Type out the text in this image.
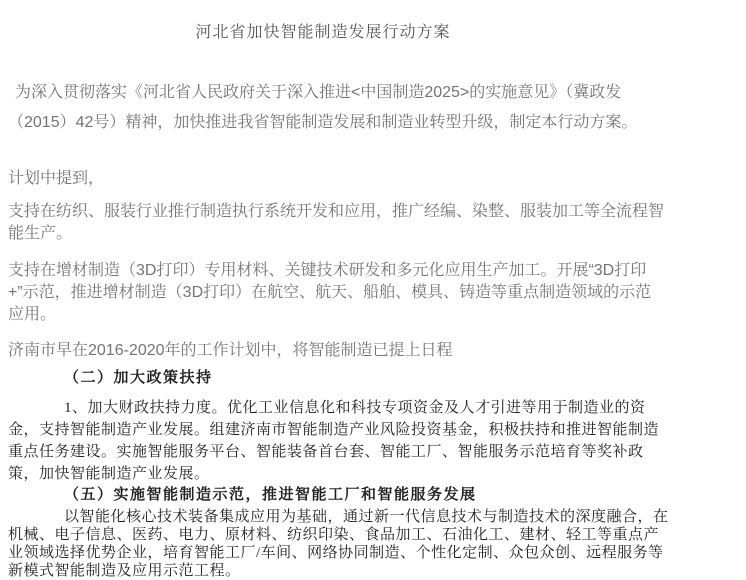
河北省加快智能制造发展行动方案

为深入贯彻落实《河北省人民政府关于深入推进<中国制造2025>的实施意见》（冀政发（2015）42号）精神，加快推进我省智能制造发展和制造业转型升级，制定本行动方案。

计划中提到，

支持在纺织、服装行业推行制造执行系统开发和应用，推广经编、染整、服装加工等全流程智能生产。

支持在增材制造（3D打印）专用材料、关键技术研发和多元化应用生产加工。开展“3D打印+”示范，推进增材制造（3D打印）在航空、航天、船舶、模具、铸造等重点制造领域的示范应用。

济南市早在2016-2020年的工作计划中，将智能制造已提上日程

（二）加大政策扶持

1、加大财政扶持力度。优化工业信息化和科技专项资金及人才引进等用于制造业的资金，支持智能制造产业发展。组建济南市智能制造产业风险投资基金，积极扶持和推进智能制造重点任务建设。实施智能服务平台、智能装备首台套、智能工厂、智能服务示范培育等奖补政策，加快智能制造产业发展。

（五）实施智能制造示范，推进智能工厂和智能服务发展

以智能化核心技术装备集成应用为基础，通过新一代信息技术与制造技术的深度融合，在机械、电子信息、医药、电力、原材料、纺织印染、食品加工、石油化工、建材、轻工等重点产业领域选择优势企业，培育智能工厂/车间、网络协同制造、个性化定制、众包众创、远程服务等新模式智能制造及应用示范工程。
